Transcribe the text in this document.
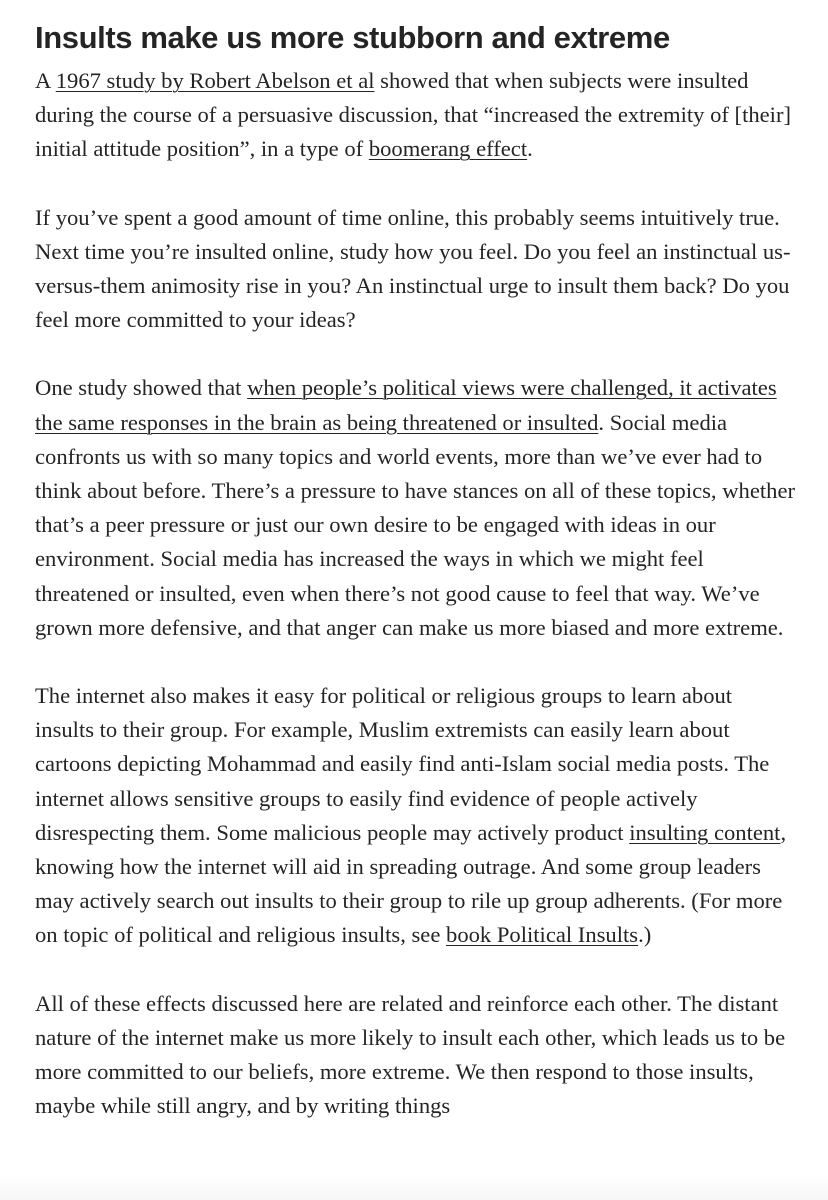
Insults make us more stubborn and extreme

A 1967 study by Robert Abelson et al showed that when subjects were insulted during the course of a persuasive discussion, that “increased the extremity of [their] initial attitude position”, in a type of boomerang effect.

If you’ve spent a good amount of time online, this probably seems intuitively true. Next time you’re insulted online, study how you feel. Do you feel an instinctual us-versus-them animosity rise in you? An instinctual urge to insult them back? Do you feel more committed to your ideas?

One study showed that when people’s political views were challenged, it activates the same responses in the brain as being threatened or insulted. Social media confronts us with so many topics and world events, more than we’ve ever had to think about before. There’s a pressure to have stances on all of these topics, whether that’s a peer pressure or just our own desire to be engaged with ideas in our environment. Social media has increased the ways in which we might feel threatened or insulted, even when there’s not good cause to feel that way. We’ve grown more defensive, and that anger can make us more biased and more extreme.

The internet also makes it easy for political or religious groups to learn about insults to their group. For example, Muslim extremists can easily learn about cartoons depicting Mohammad and easily find anti-Islam social media posts. The internet allows sensitive groups to easily find evidence of people actively disrespecting them. Some malicious people may actively product insulting content, knowing how the internet will aid in spreading outrage. And some group leaders may actively search out insults to their group to rile up group adherents. (For more on topic of political and religious insults, see book Political Insults.)

All of these effects discussed here are related and reinforce each other. The distant nature of the internet make us more likely to insult each other, which leads us to be more committed to our beliefs, more extreme. We then respond to those insults, maybe while still angry, and by writing things
